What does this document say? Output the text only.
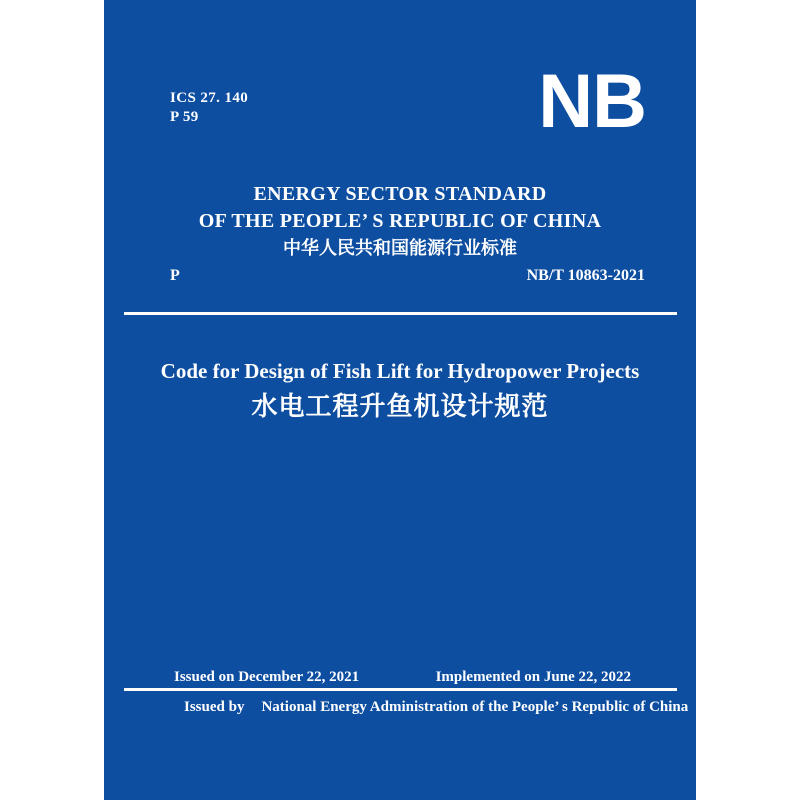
ICS 27. 140
P 59	NB
ENERGY SECTOR STANDARD
OF THE PEOPLE’ S REPUBLIC OF CHINA
中华人民共和国能源行业标准
P	NB/T 10863-2021
Code for Design of Fish Lift for Hydropower Projects
水电工程升鱼机设计规范
Issued on December 22, 2021	Implemented on June 22, 2022
Issued by National Energy Administration of the People’ s Republic of China
